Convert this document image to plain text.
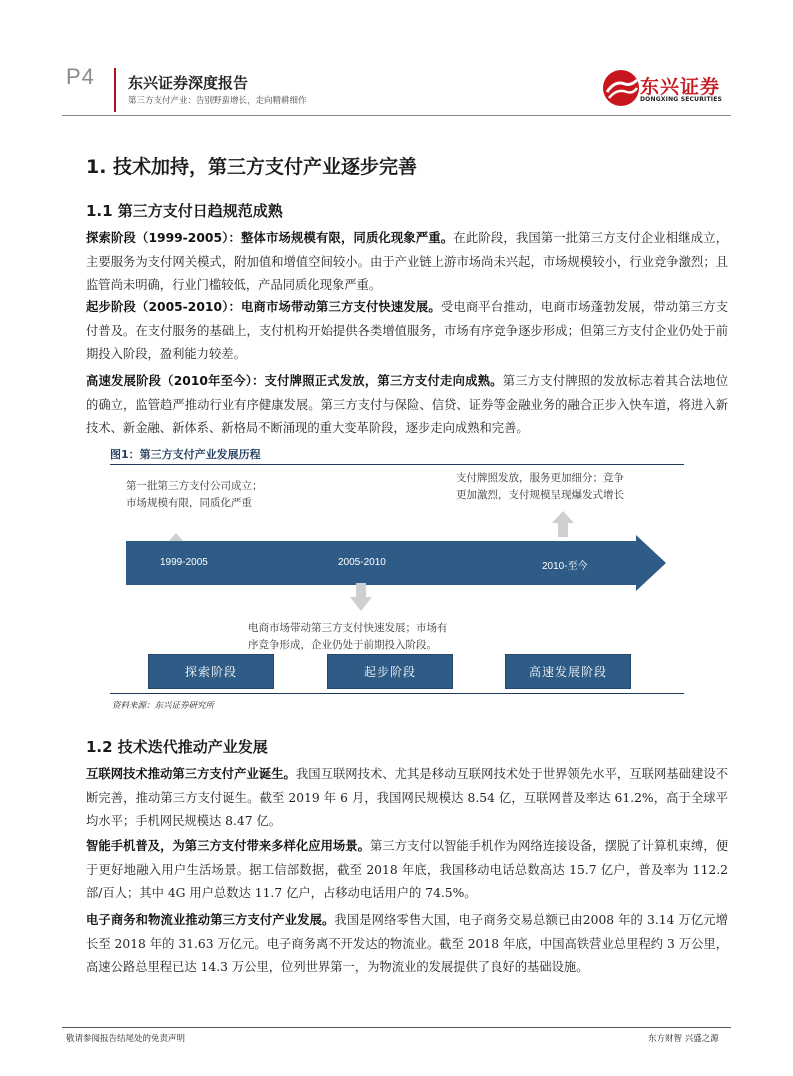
P4 东兴证券深度报告
第三方支付产业：告别野蛮增长，走向精耕细作
东兴证券
DONGXING SECURITIES
1. 技术加持，第三方支付产业逐步完善
1.1 第三方支付日趋规范成熟

探索阶段（1999-2005）：整体市场规模有限，同质化现象严重。在此阶段，我国第一批第三方支付企业相继成立，主要服务为支付网关模式，附加值和增值空间较小。由于产业链上游市场尚未兴起，市场规模较小，行业竞争激烈；且监管尚未明确，行业门槛较低，产品同质化现象严重。

起步阶段（2005-2010）：电商市场带动第三方支付快速发展。受电商平台推动，电商市场蓬勃发展，带动第三方支付普及。在支付服务的基础上，支付机构开始提供各类增值服务，市场有序竞争逐步形成；但第三方支付企业仍处于前期投入阶段，盈利能力较差。

高速发展阶段（2010年至今）：支付牌照正式发放，第三方支付走向成熟。第三方支付牌照的发放标志着其合法地位的确立，监管趋严推动行业有序健康发展。第三方支付与保险、信贷、证券等金融业务的融合正步入快车道，将进入新技术、新金融、新体系、新格局不断涌现的重大变革阶段，逐步走向成熟和完善。

图1：第三方支付产业发展历程
第一批第三方支付公司成立；
市场规模有限，同质化严重
支付牌照发放，服务更加细分；竞争
更加激烈，支付规模呈现爆发式增长
1999-2005	2005-2010	2010-至今
电商市场带动第三方支付快速发展；市场有
序竞争形成，企业仍处于前期投入阶段。
探索阶段	起步阶段	高速发展阶段
资料来源：东兴证券研究所
1.2 技术迭代推动产业发展

互联网技术推动第三方支付产业诞生。我国互联网技术、尤其是移动互联网技术处于世界领先水平，互联网基础建设不断完善，推动第三方支付诞生。截至 2019 年 6 月，我国网民规模达 8.54 亿，互联网普及率达 61.2%，高于全球平均水平；手机网民规模达 8.47 亿。

智能手机普及，为第三方支付带来多样化应用场景。第三方支付以智能手机作为网络连接设备，摆脱了计算机束缚，便于更好地融入用户生活场景。据工信部数据，截至 2018 年底，我国移动电话总数高达 15.7 亿户，普及率为 112.2 部/百人；其中 4G 用户总数达 11.7 亿户，占移动电话用户的 74.5%。

电子商务和物流业推动第三方支付产业发展。我国是网络零售大国，电子商务交易总额已由2008 年的 3.14 万亿元增长至 2018 年的 31.63 万亿元。电子商务离不开发达的物流业。截至 2018 年底，中国高铁营业总里程约 3 万公里，高速公路总里程已达 14.3 万公里，位列世界第一，为物流业的发展提供了良好的基础设施。

敬请参阅报告结尾处的免责声明	东方财智 兴盛之源
